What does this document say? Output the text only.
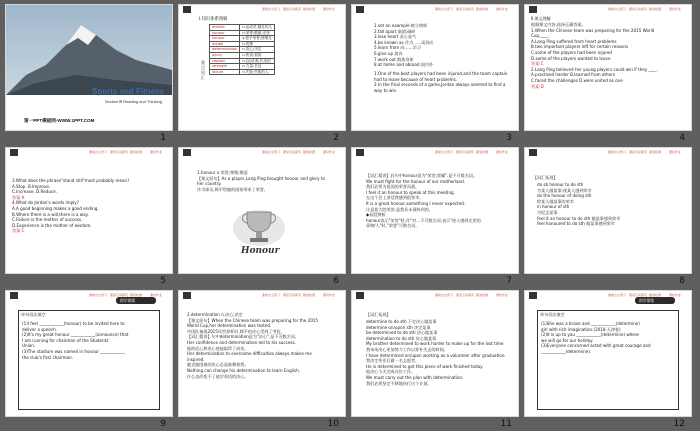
Sports and Fitness
Section Ⅲ Reading and Thinking
第一PPT模板网-WWW.1PPT.COM
1
课前自主预习 课堂互动探究 随堂检测	课时作业
Ⅰ.知识体系图解
重点词汇
athlete	n.运动员;强壮的人
honour	n.荣誉;敬意;光荣
honour	v.授予荣誉;使增光
medal	n.奖牌
determination	n.决心;决定
injury	n.伤害;损害
captain	n.(运动)队长;船长
strength	n.力量;长处
failure	n.失败;失败的人
2
课前自主预习 课堂互动探究 随堂检测	课时作业
1.set an example 树立榜样
2.fall apart 崩溃;破碎
3.lose heart 灰心丧气
4.be known as 作为……而闻名
5.learn from 向……学习
6.give up 放弃
7.work out 锻炼身体
8.at home and abroad 国内外
1.One of the best players had been injured,and the team captain
had to leave because of heart problems.
2.In the final seconds of a game,Jordan always seemed to find a
way to win.
3
课前自主预习 课堂互动探究 随堂检测	课时作业
Ⅱ.课文理解
根据课文内容,选择正确答案。
1.When the Chinese team was preparing for the 2015 World
Cup,____.
A.Lang Ping suffered from heart problems
B.two important players left for certain reasons
C.some of the players had been injured
D.some of the players wanted to leave
答案:C
2.Lang Ping believed her young players could win if they ____.
A.practised harder B.learned from others
C.faced the challenges D.were united as one
答案:D
4
课前自主预习 课堂互动探究 随堂检测	课时作业
3.What does the phrase"stand still"most probably mean?
A.Stop. B.Improve.
C.Increase. D.Reduce.
答案:A
4.What do Jordan's words imply?
A.A good beginning makes a good ending.
B.Where there is a will,there is a way.
C.Failure is the mother of success.
D.Experience is the mother of wisdom.
答案:C
5
课前自主预习 课堂互动探究 随堂检测	课时作业
1.honour n.荣誉;尊敬;敬意
【课文原句】As a player,Lang Ping brought honour and glory to
her country.
作为球员,郎平给她的国家带来了荣誉。
Honour
6
课前自主预习 课堂互动探究 随堂检测	课时作业
【词汇精讲】此句中honour意为"荣誉;荣耀",是不可数名词。
We must fight for the honour of our motherland.
我们必须为祖国的荣誉而战。
I feel it an honour to speak at this meeting.
在这个会上讲话我感到很荣幸。
It is a great honour,something I never expected.
这是莫大的荣誉,是我从未预料到的。
◆易混辨析
honour表示"荣誉"时,作"对…不可数名词,表示"使人感到光荣的
事物/人"时,"荣誉"可数名词。
7
课前自主预习 课堂互动探究 随堂检测	课时作业
【词汇拓展】
do sb honour to do sth
为某人做某事;使某人感到荣幸
do the honour of doing sth
给某人做某事的荣幸
in honour of sth
为纪念某事
feel it an honour to do sth 做某事感到荣幸
feel honoured to do sth 做某事感到荣幸
8
课前自主预习 课堂互动探究 随堂检测	课时作业
即学即练
单句语法填空
(1)I feel ____________(honour) to be invited here to
deliver a speech.
(2)It's my great honour ____________(announce) that
I am running for chairman of the Students'
Union.
(3)The stadium was named in honour ____________
the club's first chairman.
9
课前自主预习 课堂互动探究 随堂检测	课时作业
2.determination n.决心;决定
【课文原句】When the Chinese team was preparing for the 2015
World Cup,her determination was tested.
中国队备战2015年世界杯时,郎平的决心受到了考验。
【词汇精讲】句中determination意为"决心",是不可数名词。
Her confidence and determination led to his success.
他的信心和决心使他取得了成功。
Her determination to overcome difficulties always makes me
inspired.
她克服困难的决心总是鼓舞着我。
Nothing can change his determination to learn English.
什么也改变不了他学英语的决心。
10
课前自主预习 课堂互动探究 随堂检测	课时作业
【词汇拓展】
determine to do sth 下定决心做某事
determine on/upon sth 决定某事
be determined to do sth 决心做某事
determination to do sth 决心做某事
My brother determined to work harder to make up for the lost time.
我弟弟决心更加努力工作以弥补失去的时间。
I have determined on/upon working as a volunteer after graduation.
我决定毕业后做一名志愿者。
He is determined to get this piece of work finished today.
他决心今天完成这份工作。
We must carry out the plan with determination.
我们必须坚定不移地执行这个计划。
11
课前自主预习 课堂互动探究 随堂检测	课时作业
即学即练
单句语法填空
(1)She was a brave and ____________(determine)
girl with rich imagination.(2018·天津卷)
(2)It is up to you ____________(determine) where
we will go for our holiday.
(3)Everyone concerned acted with great courage and
____________(determine).
12
